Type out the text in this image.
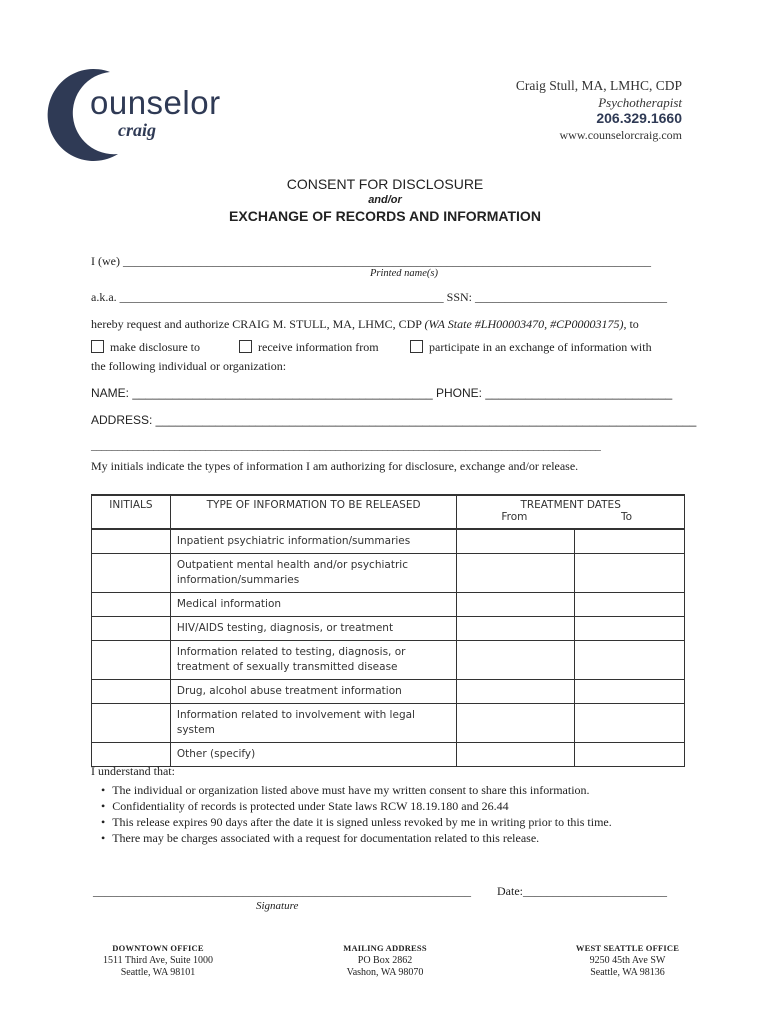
ounselor
craig
Craig Stull, MA, LMHC, CDP
Psychotherapist
206.329.1660
www.counselorcraig.com
CONSENT FOR DISCLOSURE
and/or
EXCHANGE OF RECORDS AND INFORMATION
I (we) ________________________________________________________________________________________
Printed name(s)
a.k.a. ______________________________________________________ SSN: ________________________________
hereby request and authorize CRAIG M. STULL, MA, LHMC, CDP (WA State #LH00003470, #CP00003175), to
make disclosure to	receive information from	participate in an exchange of information with
the following individual or organization:
NAME: _____________________________________________ PHONE: ____________________________
ADDRESS: _________________________________________________________________________________
__________________________________________________________________________________________________
My initials indicate the types of information I am authorizing for disclosure, exchange and/or release.
INITIALS	TYPE OF INFORMATION TO BE RELEASED	TREATMENT DATES
From To	

	Inpatient psychiatric information/summaries		
	Outpatient mental health and/or psychiatric information/summaries		
	Medical information		
	HIV/AIDS testing, diagnosis, or treatment		
	Information related to testing, diagnosis, or treatment of sexually transmitted disease		
	Drug, alcohol abuse treatment information		
	Information related to involvement with legal system		
	Other (specify)		
I understand that:
• The individual or organization listed above must have my written consent to share this information.
• Confidentiality of records is protected under State laws RCW 18.19.180 and 26.44
• This release expires 90 days after the date it is signed unless revoked by me in writing prior to this time.
• There may be charges associated with a request for documentation related to this release.
_______________________________________________________________
Signature
Date:________________________
DOWNTOWN OFFICE
1511 Third Ave, Suite 1000
Seattle, WA 98101
MAILING ADDRESS
PO Box 2862
Vashon, WA 98070
WEST SEATTLE OFFICE
9250 45th Ave SW
Seattle, WA 98136
